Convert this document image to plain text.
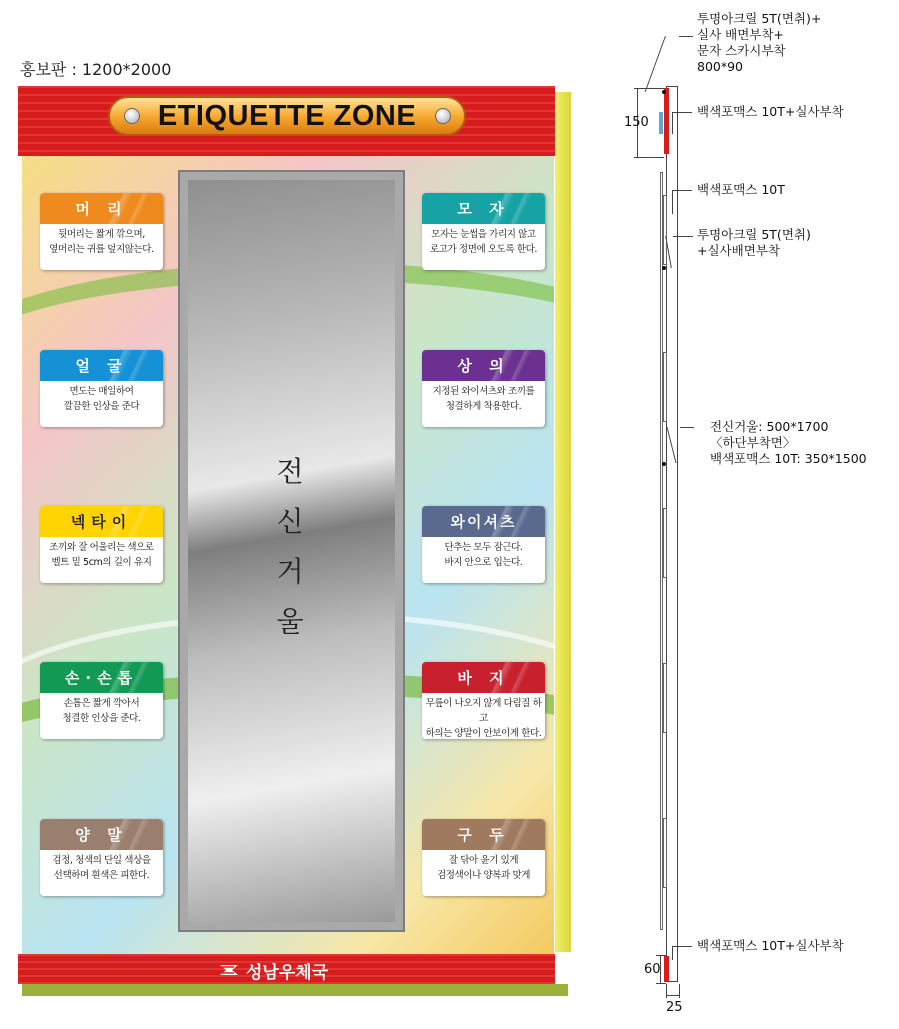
홍보판 : 1200*2000
ETIQUETTE ZONE
성남우체국
전
신
거
울
머 리
뒷머리는 짧게 깎으며,
옆머리는 귀를 덮지않는다.
얼 굴
면도는 매일하여
깔끔한 인상을 준다
넥타이
조끼와 잘 어울리는 색으로
벨트 밑 5cm의 길이 유지
손·손톱
손톱은 짧게 깍아서
청결한 인상을 준다.
양 말
검정, 청색의 단일 색상을
선택하며 흰색은 피한다.
모 자
모자는 눈썹을 가리지 않고
로고가 정면에 오도록 한다.
상 의
지정된 와이셔츠와 조끼를
청결하게 착용한다.
와이셔츠
단추는 모두 잠근다.
바지 안으로 입는다.
바 지
무릎이 나오지 않게 다림질 하고
하의는 양말이 안보이게 한다.
구 두
잘 닦아 윤기 있게
검정색이나 양복과 맞게
150
60
25
투명아크릴 5T(면취)+
실사 배면부착+
문자 스카시부착
800*90
백색포맥스 10T+실사부착
백색포맥스 10T
투명아크릴 5T(면취)
+실사배면부착
전신거울: 500*1700
〈하단부착면〉
백색포맥스 10T: 350*1500
백색포맥스 10T+실사부착
